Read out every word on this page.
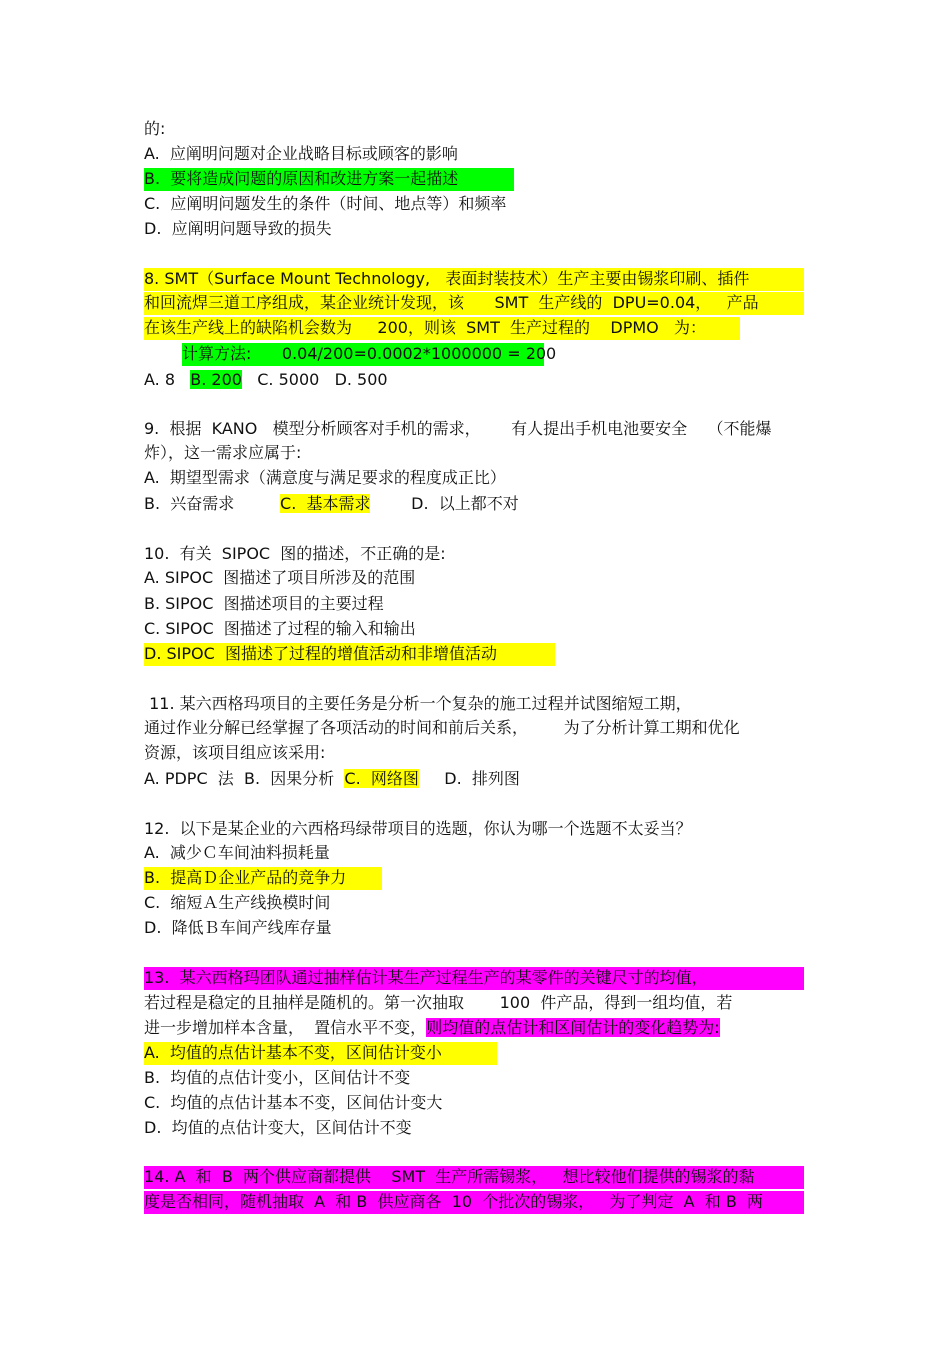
的:
A.  应阐明问题对企业战略目标或顾客的影响
B.  要将造成问题的原因和改进方案一起描述
C.  应阐明问题发生的条件（时间、地点等）和频率
D.  应阐明问题导致的损失
8. SMT（Surface Mount Technology,   表面封装技术）生产主要由锡浆印刷、插件
和回流焊三道工序组成，某企业统计发现，该      SMT  生产线的  DPU=0.04，   产品
在该生产线上的缺陷机会数为     200，则该  SMT  生产过程的    DPMO   为：
计算方法:      0.04/200=0.0002*1000000 = 200
A. 8 B. 200 C. 5000 D. 500
9.  根据  KANO   模型分析顾客对手机的需求，      有人提出手机电池要安全    （不能爆
炸），这一需求应属于:
A.  期望型需求（满意度与满足要求的程度成正比）
B.  兴奋需求	C.  基本需求	D.  以上都不对
10.  有关  SIPOC  图的描述，不正确的是:
A. SIPOC  图描述了项目所涉及的范围
B. SIPOC  图描述项目的主要过程
C. SIPOC  图描述了过程的输入和输出
D. SIPOC  图描述了过程的增值活动和非增值活动
11. 某六西格玛项目的主要任务是分析一个复杂的施工过程并试图缩短工期，
通过作业分解已经掌握了各项活动的时间和前后关系，       为了分析计算工期和优化
资源，该项目组应该采用:
A. PDPC  法 B.  因果分析 C.  网络图 D.  排列图
12.  以下是某企业的六西格玛绿带项目的选题，你认为哪一个选题不太妥当？
A.  减少Ｃ车间油料损耗量
B.  提高Ｄ企业产品的竞争力
C.  缩短Ａ生产线换模时间
D.  降低Ｂ车间产线库存量
13.  某六西格玛团队通过抽样估计某生产过程生产的某零件的关键尺寸的均值，
若过程是稳定的且抽样是随机的。第一次抽取       100  件产品，得到一组均值，若
进一步增加样本含量，  置信水平不变，则均值的点估计和区间估计的变化趋势为:
A.  均值的点估计基本不变，区间估计变小
B.  均值的点估计变小，区间估计不变
C.  均值的点估计基本不变，区间估计变大
D.  均值的点估计变大，区间估计不变
14. A  和  B  两个供应商都提供    SMT  生产所需锡浆，   想比较他们提供的锡浆的黏
度是否相同，随机抽取  A  和 B  供应商各  10  个批次的锡浆，   为了判定  A  和 B  两
